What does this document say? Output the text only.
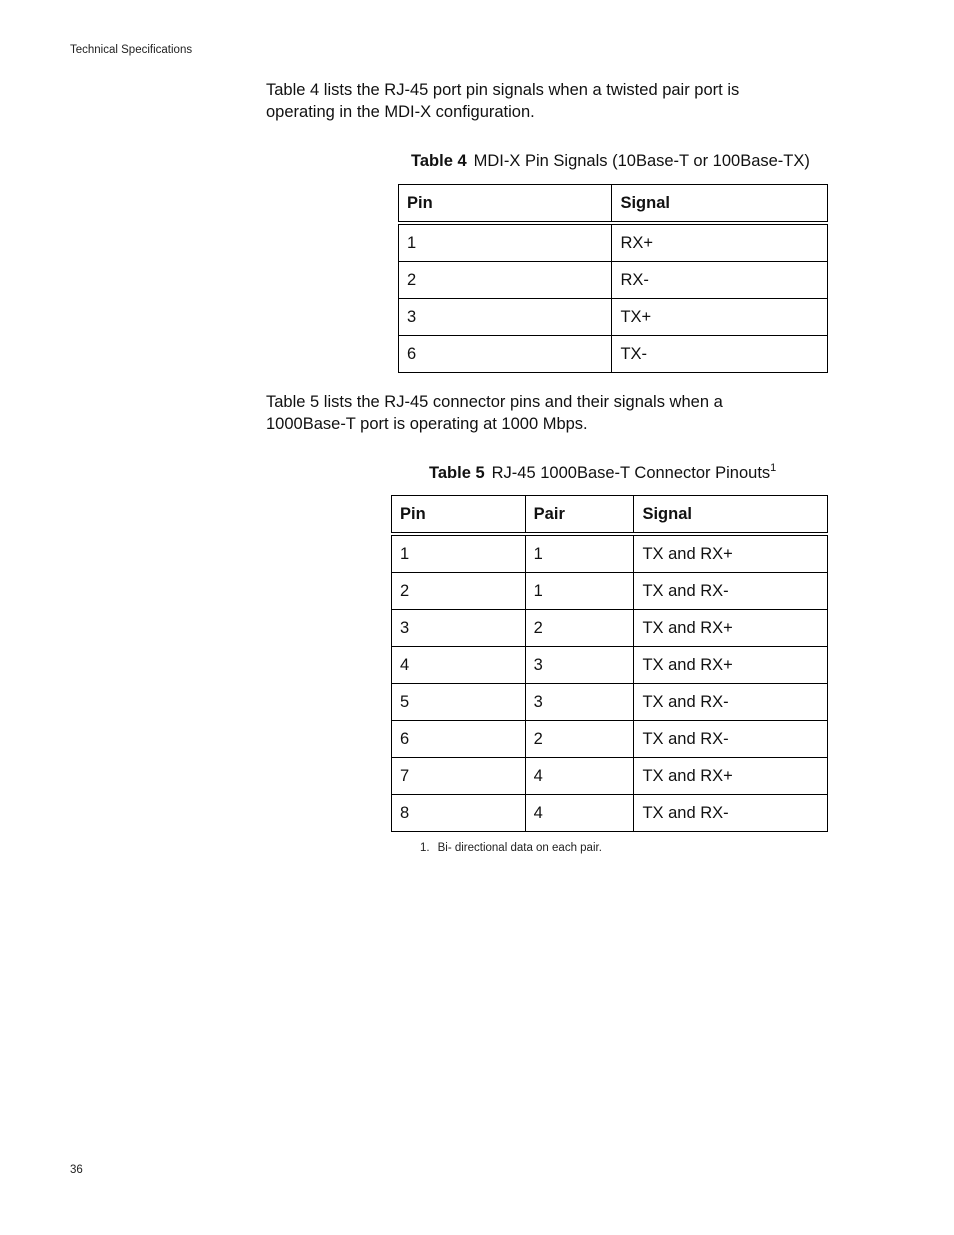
Technical Specifications

Table 4 lists the RJ-45 port pin signals when a twisted pair port is operating in the MDI-X configuration.

Table 4 MDI-X Pin Signals (10Base-T or 100Base-TX)
Pin	Signal
1	RX+
2	RX-
3	TX+
6	TX-

Table 5 lists the RJ-45 connector pins and their signals when a 1000Base-T port is operating at 1000 Mbps.

Table 5 RJ-45 1000Base-T Connector Pinouts$^1$
Pin	Pair	Signal
1	1	TX and RX+
2	1	TX and RX-
3	2	TX and RX+
4	3	TX and RX+
5	3	TX and RX-
6	2	TX and RX-
7	4	TX and RX+
8	4	TX and RX-
1. Bi- directional data on each pair.
36
